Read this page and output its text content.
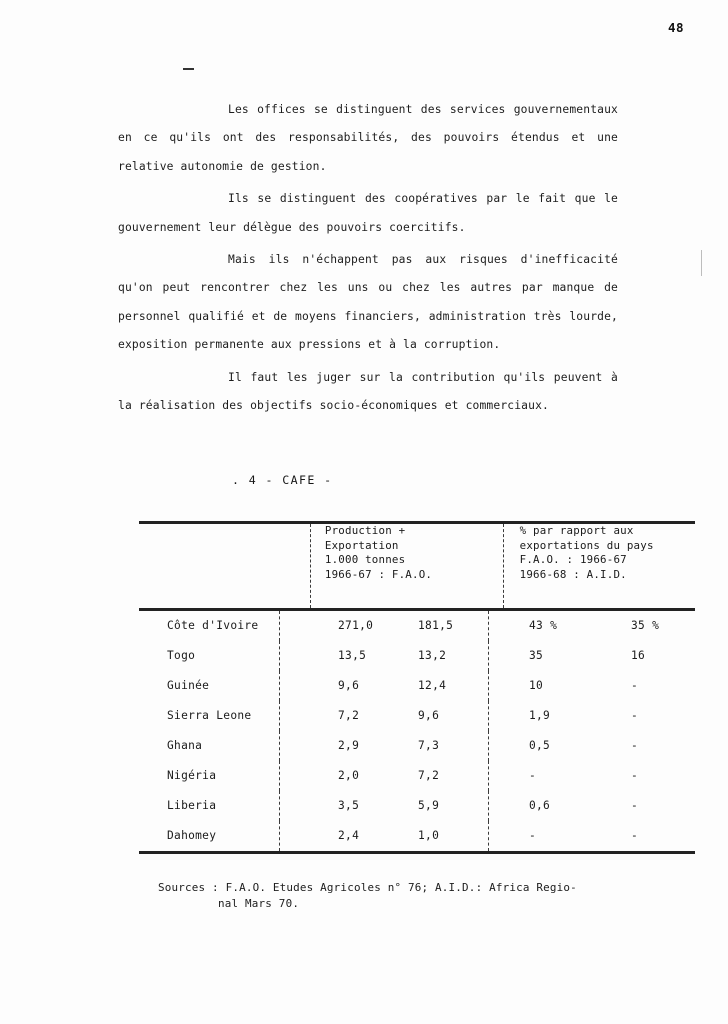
48

Les offices se distinguent des services gouvernementaux en ce qu'ils ont des responsabilités, des pouvoirs étendus et une relative autonomie de gestion.

Ils se distinguent des coopératives par le fait que le gouvernement leur délègue des pouvoirs coercitifs.

Mais ils n'échappent pas aux risques d'inefficacité qu'on peut rencontrer chez les uns ou chez les autres par manque de personnel qualifié et de moyens financiers, administration très lourde, exposition permanente aux pressions et à la corruption.

Il faut les juger sur la contribution qu'ils peuvent à la réalisation des objectifs socio-économiques et commerciaux.

. 4 - CAFE -

Production +
Exportation
1.000 tonnes
1966-67 : F.A.O.

% par rapport aux
exportations du pays
F.A.O. : 1966-67
1966-68 : A.I.D.
Côte d'Ivoire	271,0 181,5	43 % 35 %

Togo	13,5 13,2	35 16

Guinée	9,6 12,4	10 -

Sierra Leone	7,2 9,6	1,9 -

Ghana	2,9 7,3	0,5 -

Nigéria	2,0 7,2	- -

Liberia	3,5 5,9	0,6 -

Dahomey	2,4 1,0	- -
Sources : F.A.O. Etudes Agricoles n° 76; A.I.D.: Africa Regio-
nal Mars 70.
